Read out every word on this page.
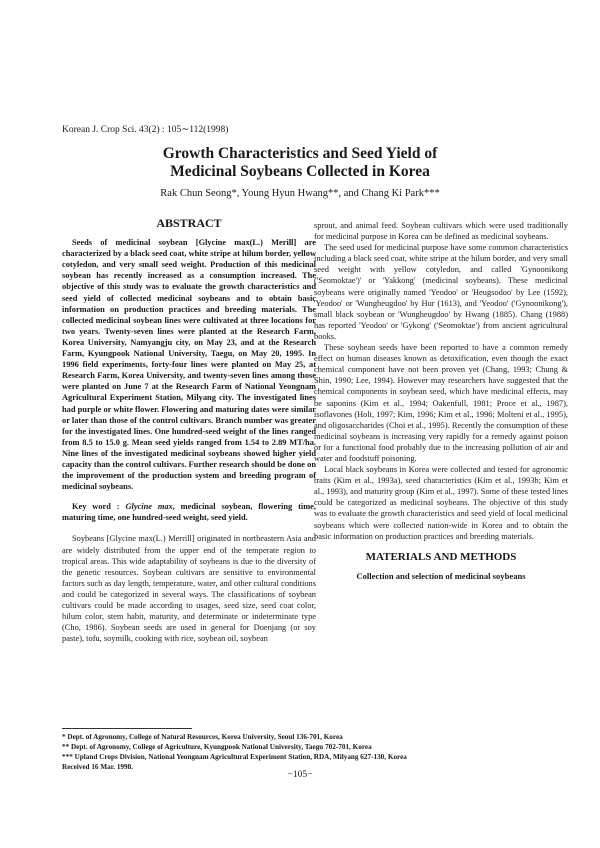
Korean J. Crop Sci. 43(2) : 105∼112(1998)
Growth Characteristics and Seed Yield of
Medicinal Soybeans Collected in Korea
Rak Chun Seong*, Young Hyun Hwang**, and Chang Ki Park***
ABSTRACT

Seeds of medicinal soybean [Glycine max(L.) Merill] are characterized by a black seed coat, white stripe at hilum border, yellow cotyledon, and very small seed weight. Production of this medicinal soybean has recently increased as a consumption increased. The objective of this study was to evaluate the growth characteristics and seed yield of collected medicinal soybeans and to obtain basic information on production practices and breeding materials. The collected medicinal soybean lines were cultivated at three locations for two years. Twenty-seven lines were planted at the Research Farm, Korea University, Namyangju city, on May 23, and at the Research Farm, Kyungpook National University, Taegu, on May 20, 1995. In 1996 field experiments, forty-four lines were planted on May 25, at Research Farm, Korea University, and twenty-seven lines among those were planted on June 7 at the Research Farm of National Yeongnam Agricultural Experiment Station, Milyang city. The investigated lines had purple or white flower. Flowering and maturing dates were similar or later than those of the control cultivars. Branch number was greater for the investigated lines. One hundred-seed weight of the lines ranged from 8.5 to 15.0 g. Mean seed yields ranged from 1.54 to 2.89 MT/ha. Nine lines of the investigated medicinal soybeans showed higher yield capacity than the control cultivars. Further research should be done on the improvement of the production system and breeding program of medicinal soybeans.

Key word : Glycine max, medicinal soybean, flowering time, maturing time, one hundred-seed weight, seed yield.

Soybeans [Glycine max(L.) Merrill] originated in northeastern Asia and are widely distributed from the upper end of the temperate region to tropical areas. This wide adaptability of soybeans is due to the diversity of the genetic resources. Soybean cultivars are sensitive to environmental factors such as day length, temperature, water, and other cultural conditions and could be categorized in several ways. The classifications of soybean cultivars could be made according to usages, seed size, seed coat color, hilum color, stem habit, maturity, and determinate or indeterminate type (Cho, 1986). Soybean seeds are used in general for Doenjang (or soy paste), tofu, soymilk, cooking with rice, soybean oil, soybean

sprout, and animal feed. Soybean cultivars which were used traditionally for medicinal purpose in Korea can be defined as medicinal soybeans.

The seed used for medicinal purpose have some common characteristics including a black seed coat, white stripe at the hilum border, and very small seed weight with yellow cotyledon, and called 'Gynoonikong ('Seomoktae')' or 'Yakkong' (medicinal soybeans). These medicinal soybeans were originally named 'Yeodoo' or 'Heugsodoo' by Lee (1592), 'Yeodoo' or 'Wungheugdoo' by Hur (1613), and 'Yeodoo' ('Gynoonikong'), small black soybean or 'Wungheugdoo' by Hwang (1885). Chang (1988) has reported 'Yeodoo' or 'Gykong' ('Seomoktae') from ancient agricultural books.

These soybean seeds have been reported to have a common remedy effect on human diseases known as detoxification, even though the exact chemical component have not been proven yet (Chang, 1993; Chung & Shin, 1990; Lee, 1994). However may researchers have suggested that the chemical components in soybean seed, which have medicinal effects, may be saponins (Kim et al., 1994; Oakenfull, 1981; Proce et al., 1987), isoflavones (Holt, 1997; Kim, 1996; Kim et al., 1996; Molteni et al., 1995), and oligosaccharides (Choi et al., 1995). Recently the consumption of these medicinal soybeans is increasing very rapidly for a remedy against poison or for a functional food probably due to the increasing pollution of air and water and foodstuff poisoning.

Local black soybeans in Korea were collected and tested for agronomic traits (Kim et al., 1993a), seed characteristics (Kim et al., 1993b; Kim et al., 1993), and maturity group (Kim et al., 1997). Some of these tested lines could be categorized as medicinal soybeans. The objective of this study was to evaluate the growth characteristics and seed yield of local medicinal soybeans which were collected nation-wide in Korea and to obtain the basic information on production practices and breeding materials.

MATERIALS AND METHODS
Collection and selection of medicinal soybeans
* Dept. of Agronomy, College of Natural Resources, Korea University, Seoul 136-701, Korea
** Dept. of Agronomy, College of Agriculture, Kyungpook National University, Taegu 702-701, Korea
*** Upland Crops Division, National Yeongnam Agricultural Experiment Station, RDA, Milyang 627-130, Korea
Received 16 Mar. 1998.
−105−
